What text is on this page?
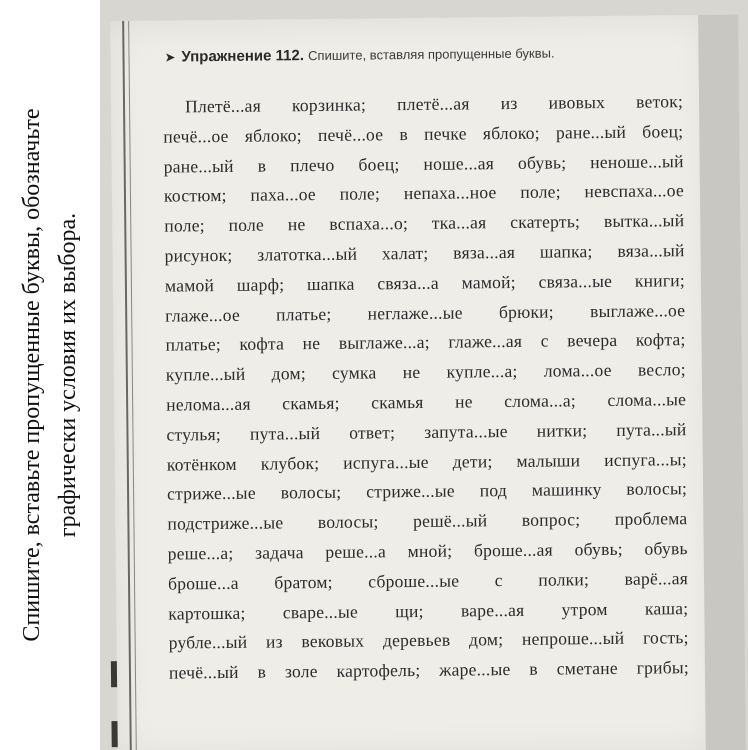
Спишите, вставьте пропущенные буквы, обозначьте графически условия их выбора.
➤ Упражнение 112. Спишите, вставляя пропущенные буквы.
Плетё...ая корзинка; плетё...ая из ивовых веток;
печё...ое яблоко; печё...ое в печке яблоко; ране...ый боец;
ране...ый в плечо боец; ноше...ая обувь; неноше...ый
костюм; паха...ое поле; непаха...ное поле; невспаха...ое
поле; поле не вспаха...о; тка...ая скатерть; вытка...ый
рисунок; златотка...ый халат; вяза...ая шапка; вяза...ый
мамой шарф; шапка связа...а мамой; связа...ые книги;
глаже...ое платье; неглаже...ые брюки; выглаже...ое
платье; кофта не выглаже...а; глаже...ая с вечера кофта;
купле...ый дом; сумка не купле...а; лома...ое весло;
нелома...ая скамья; скамья не слома...а; слома...ые
стулья; пута...ый ответ; запута...ые нитки; пута...ый
котёнком клубок; испуга...ые дети; малыши испуга...ы;
стриже...ые волосы; стриже...ые под машинку волосы;
подстриже...ые волосы; решё...ый вопрос; проблема
реше...а; задача реше...а мной; броше...ая обувь; обувь
броше...а братом; сброше...ые с полки; варё...ая
картошка; сваре...ые щи; варе...ая утром каша;
рубле...ый из вековых деревьев дом; непроше...ый гость;
печё...ый в золе картофель; жаре...ые в сметане грибы;
